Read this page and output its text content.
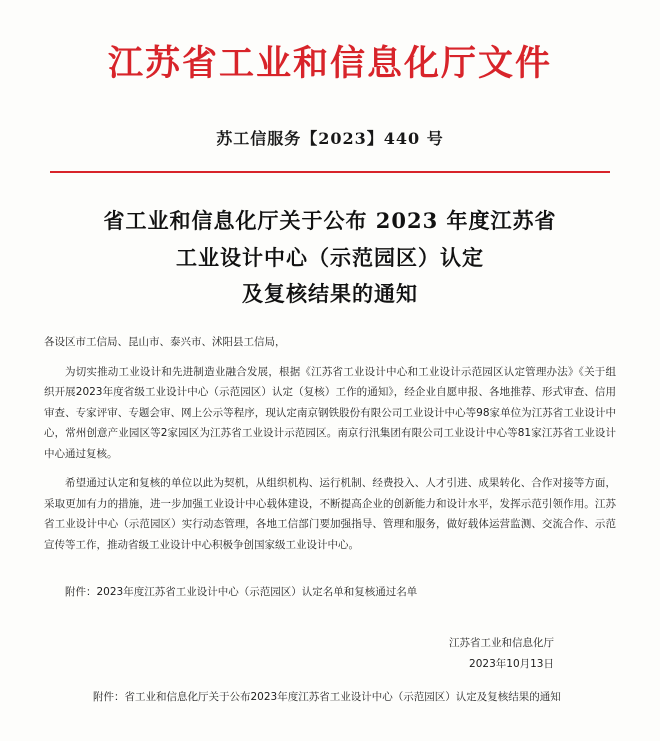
江苏省工业和信息化厅文件
苏工信服务【2023】440 号
省工业和信息化厅关于公布 2023 年度江苏省
工业设计中心（示范园区）认定
及复核结果的通知
各设区市工信局、昆山市、泰兴市、沭阳县工信局，

为切实推动工业设计和先进制造业融合发展，根据《江苏省工业设计中心和工业设计示范园区认定管理办法》《关于组织开展2023年度省级工业设计中心（示范园区）认定（复核）工作的通知》，经企业自愿申报、各地推荐、形式审查、信用审查、专家评审、专题会审、网上公示等程序，现认定南京钢铁股份有限公司工业设计中心等98家单位为江苏省工业设计中心，常州创意产业园区等2家园区为江苏省工业设计示范园区。南京行汛集团有限公司工业设计中心等81家江苏省工业设计中心通过复核。

希望通过认定和复核的单位以此为契机，从组织机构、运行机制、经费投入、人才引进、成果转化、合作对接等方面，采取更加有力的措施，进一步加强工业设计中心载体建设，不断提高企业的创新能力和设计水平，发挥示范引领作用。江苏省工业设计中心（示范园区）实行动态管理，各地工信部门要加强指导、管理和服务，做好载体运营监测、交流合作、示范宣传等工作，推动省级工业设计中心积极争创国家级工业设计中心。

附件：2023年度江苏省工业设计中心（示范园区）认定名单和复核通过名单
江苏省工业和信息化厅
2023年10月13日
附件：省工业和信息化厅关于公布2023年度江苏省工业设计中心（示范园区）认定及复核结果的通知
